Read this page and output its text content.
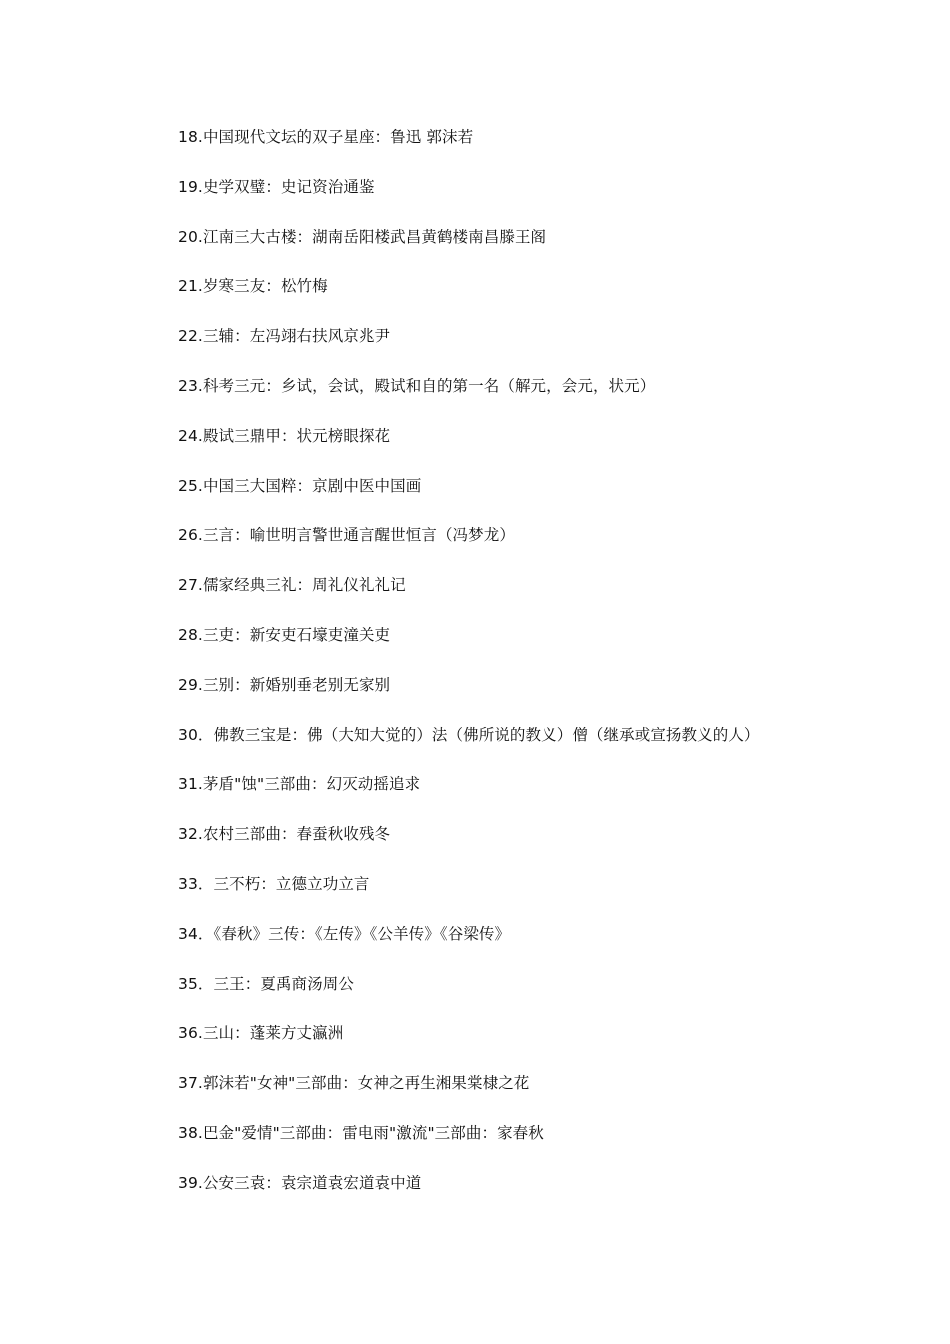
18.中国现代文坛的双子星座：鲁迅 郭沫若
19.史学双璧：史记资治通鉴
20.江南三大古楼：湖南岳阳楼武昌黄鹤楼南昌滕王阁
21.岁寒三友：松竹梅
22.三辅：左冯翊右扶风京兆尹
23.科考三元：乡试，会试，殿试和自的第一名（解元，会元，状元）
24.殿试三鼎甲：状元榜眼探花
25.中国三大国粹：京剧中医中国画
26.三言：喻世明言警世通言醒世恒言（冯梦龙）
27.儒家经典三礼：周礼仪礼礼记
28.三吏：新安吏石壕吏潼关吏
29.三别：新婚别垂老别无家别
30．佛教三宝是：佛（大知大觉的）法（佛所说的教义）僧（继承或宣扬教义的人）
31.茅盾"蚀"三部曲：幻灭动摇追求
32.农村三部曲：春蚕秋收残冬
33．三不朽：立德立功立言
34．《春秋》三传：《左传》《公羊传》《谷梁传》
35．三王：夏禹商汤周公
36.三山：蓬莱方丈瀛洲
37.郭沫若"女神"三部曲：女神之再生湘果棠棣之花
38.巴金"爱情"三部曲：雷电雨"激流"三部曲：家春秋
39.公安三袁：袁宗道袁宏道袁中道
